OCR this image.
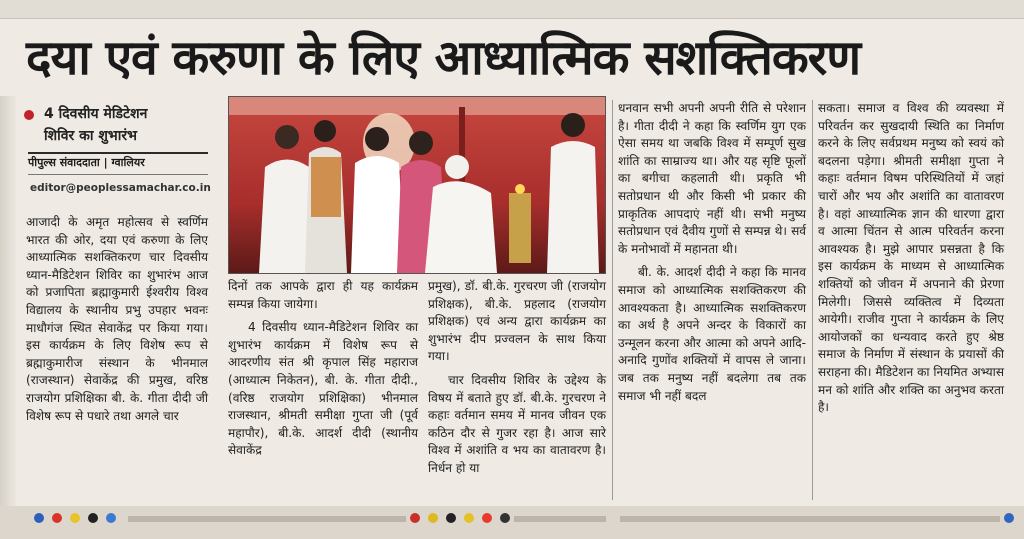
दया एवं करुणा के लिए आध्यात्मिक सशक्तिकरण
4 दिवसीय मेडिटेशन
शिविर का शुभारंभ
पीपुल्स संवाददाता | ग्वालियर
editor@peoplessamachar.co.in

आजादी के अमृत महोत्सव से स्वर्णिम भारत की ओर, दया एवं करुणा के लिए आध्यात्मिक सशक्तिकरण चार दिवसीय ध्यान-मैडिटेशन शिविर का शुभारंभ आज को प्रजापिता ब्रह्माकुमारी ईश्वरीय विश्व विद्यालय के स्थानीय प्रभु उपहार भवनः माधौगंज स्थित सेवाकेंद्र पर किया गया। इस कार्यक्रम के लिए विशेष रूप से ब्रह्माकुमारीज संस्थान के भीनमाल (राजस्थान) सेवाकेंद्र की प्रमुख, वरिष्ठ राजयोग प्रशिक्षिका बी. के. गीता दीदी जी विशेष रूप से पधारे तथा अगले चार

दिनों तक आपके द्वारा ही यह कार्यक्रम सम्पन्न किया जायेगा।

4 दिवसीय ध्यान-मैडिटेशन शिविर का शुभारंभ कार्यक्रम में विशेष रूप से आदरणीय संत श्री कृपाल सिंह महाराज (आध्यात्म निकेतन), बी. के. गीता दीदी., (वरिष्ठ राजयोग प्रशिक्षिका) भीनमाल राजस्थान, श्रीमती समीक्षा गुप्ता जी (पूर्व महापौर), बी.के. आदर्श दीदी (स्थानीय सेवाकेंद्र

प्रमुख), डॉ. बी.के. गुरचरण जी (राजयोग प्रशिक्षक), बी.के. प्रहलाद (राजयोग प्रशिक्षक) एवं अन्य द्वारा कार्यक्रम का शुभारंभ दीप प्रज्वलन के साथ किया गया।

चार दिवसीय शिविर के उद्देश्य के विषय में बताते हुए डॉ. बी.के. गुरचरण ने कहाः वर्तमान समय में मानव जीवन एक कठिन दौर से गुजर रहा है। आज सारे विश्व में अशांति व भय का वातावरण है। निर्धन हो या

धनवान सभी अपनी अपनी रीति से परेशान है। गीता दीदी ने कहा कि स्वर्णिम युग एक ऐसा समय था जबकि विश्व में सम्पूर्ण सुख शांति का साम्राज्य था। और यह सृष्टि फूलों का बगीचा कहलाती थी। प्रकृति भी सतोप्रधान थी और किसी भी प्रकार की प्राकृतिक आपदाएं नहीं थी। सभी मनुष्य सतोप्रधान एवं दैवीय गुणों से सम्पन्न थे। सर्व के मनोभावों में महानता थी।

बी. के. आदर्श दीदी ने कहा कि मानव समाज को आध्यात्मिक सशक्तिकरण की आवश्यकता है। आध्यात्मिक सशक्तिकरण का अर्थ है अपने अन्दर के विकारों का उन्मूलन करना और आत्मा को अपने आदि-अनादि गुणोंव शक्तियों में वापस ले जाना। जब तक मनुष्य नहीं बदलेगा तब तक समाज भी नहीं बदल

सकता। समाज व विश्व की व्यवस्था में परिवर्तन कर सुखदायी स्थिति का निर्माण करने के लिए सर्वप्रथम मनुष्य को स्वयं को बदलना पड़ेगा। श्रीमती समीक्षा गुप्ता ने कहाः वर्तमान विषम परिस्थितियों में जहां चारों और भय और अशांति का वातावरण है। वहां आध्यात्मिक ज्ञान की धारणा द्वारा व आत्मा चिंतन से आत्म परिवर्तन करना आवश्यक है। मुझे आपार प्रसन्नता है कि इस कार्यक्रम के माध्यम से आध्यात्मिक शक्तियों को जीवन में अपनाने की प्रेरणा मिलेगी। जिससे व्यक्तित्व में दिव्यता आयेगी। राजीव गुप्ता ने कार्यक्रम के लिए आयोजकों का धन्यवाद करते हुए श्रेष्ठ समाज के निर्माण में संस्थान के प्रयासों की सराहना की। मैडिटेशन का नियमित अभ्यास मन को शांति और शक्ति का अनुभव करता है।
